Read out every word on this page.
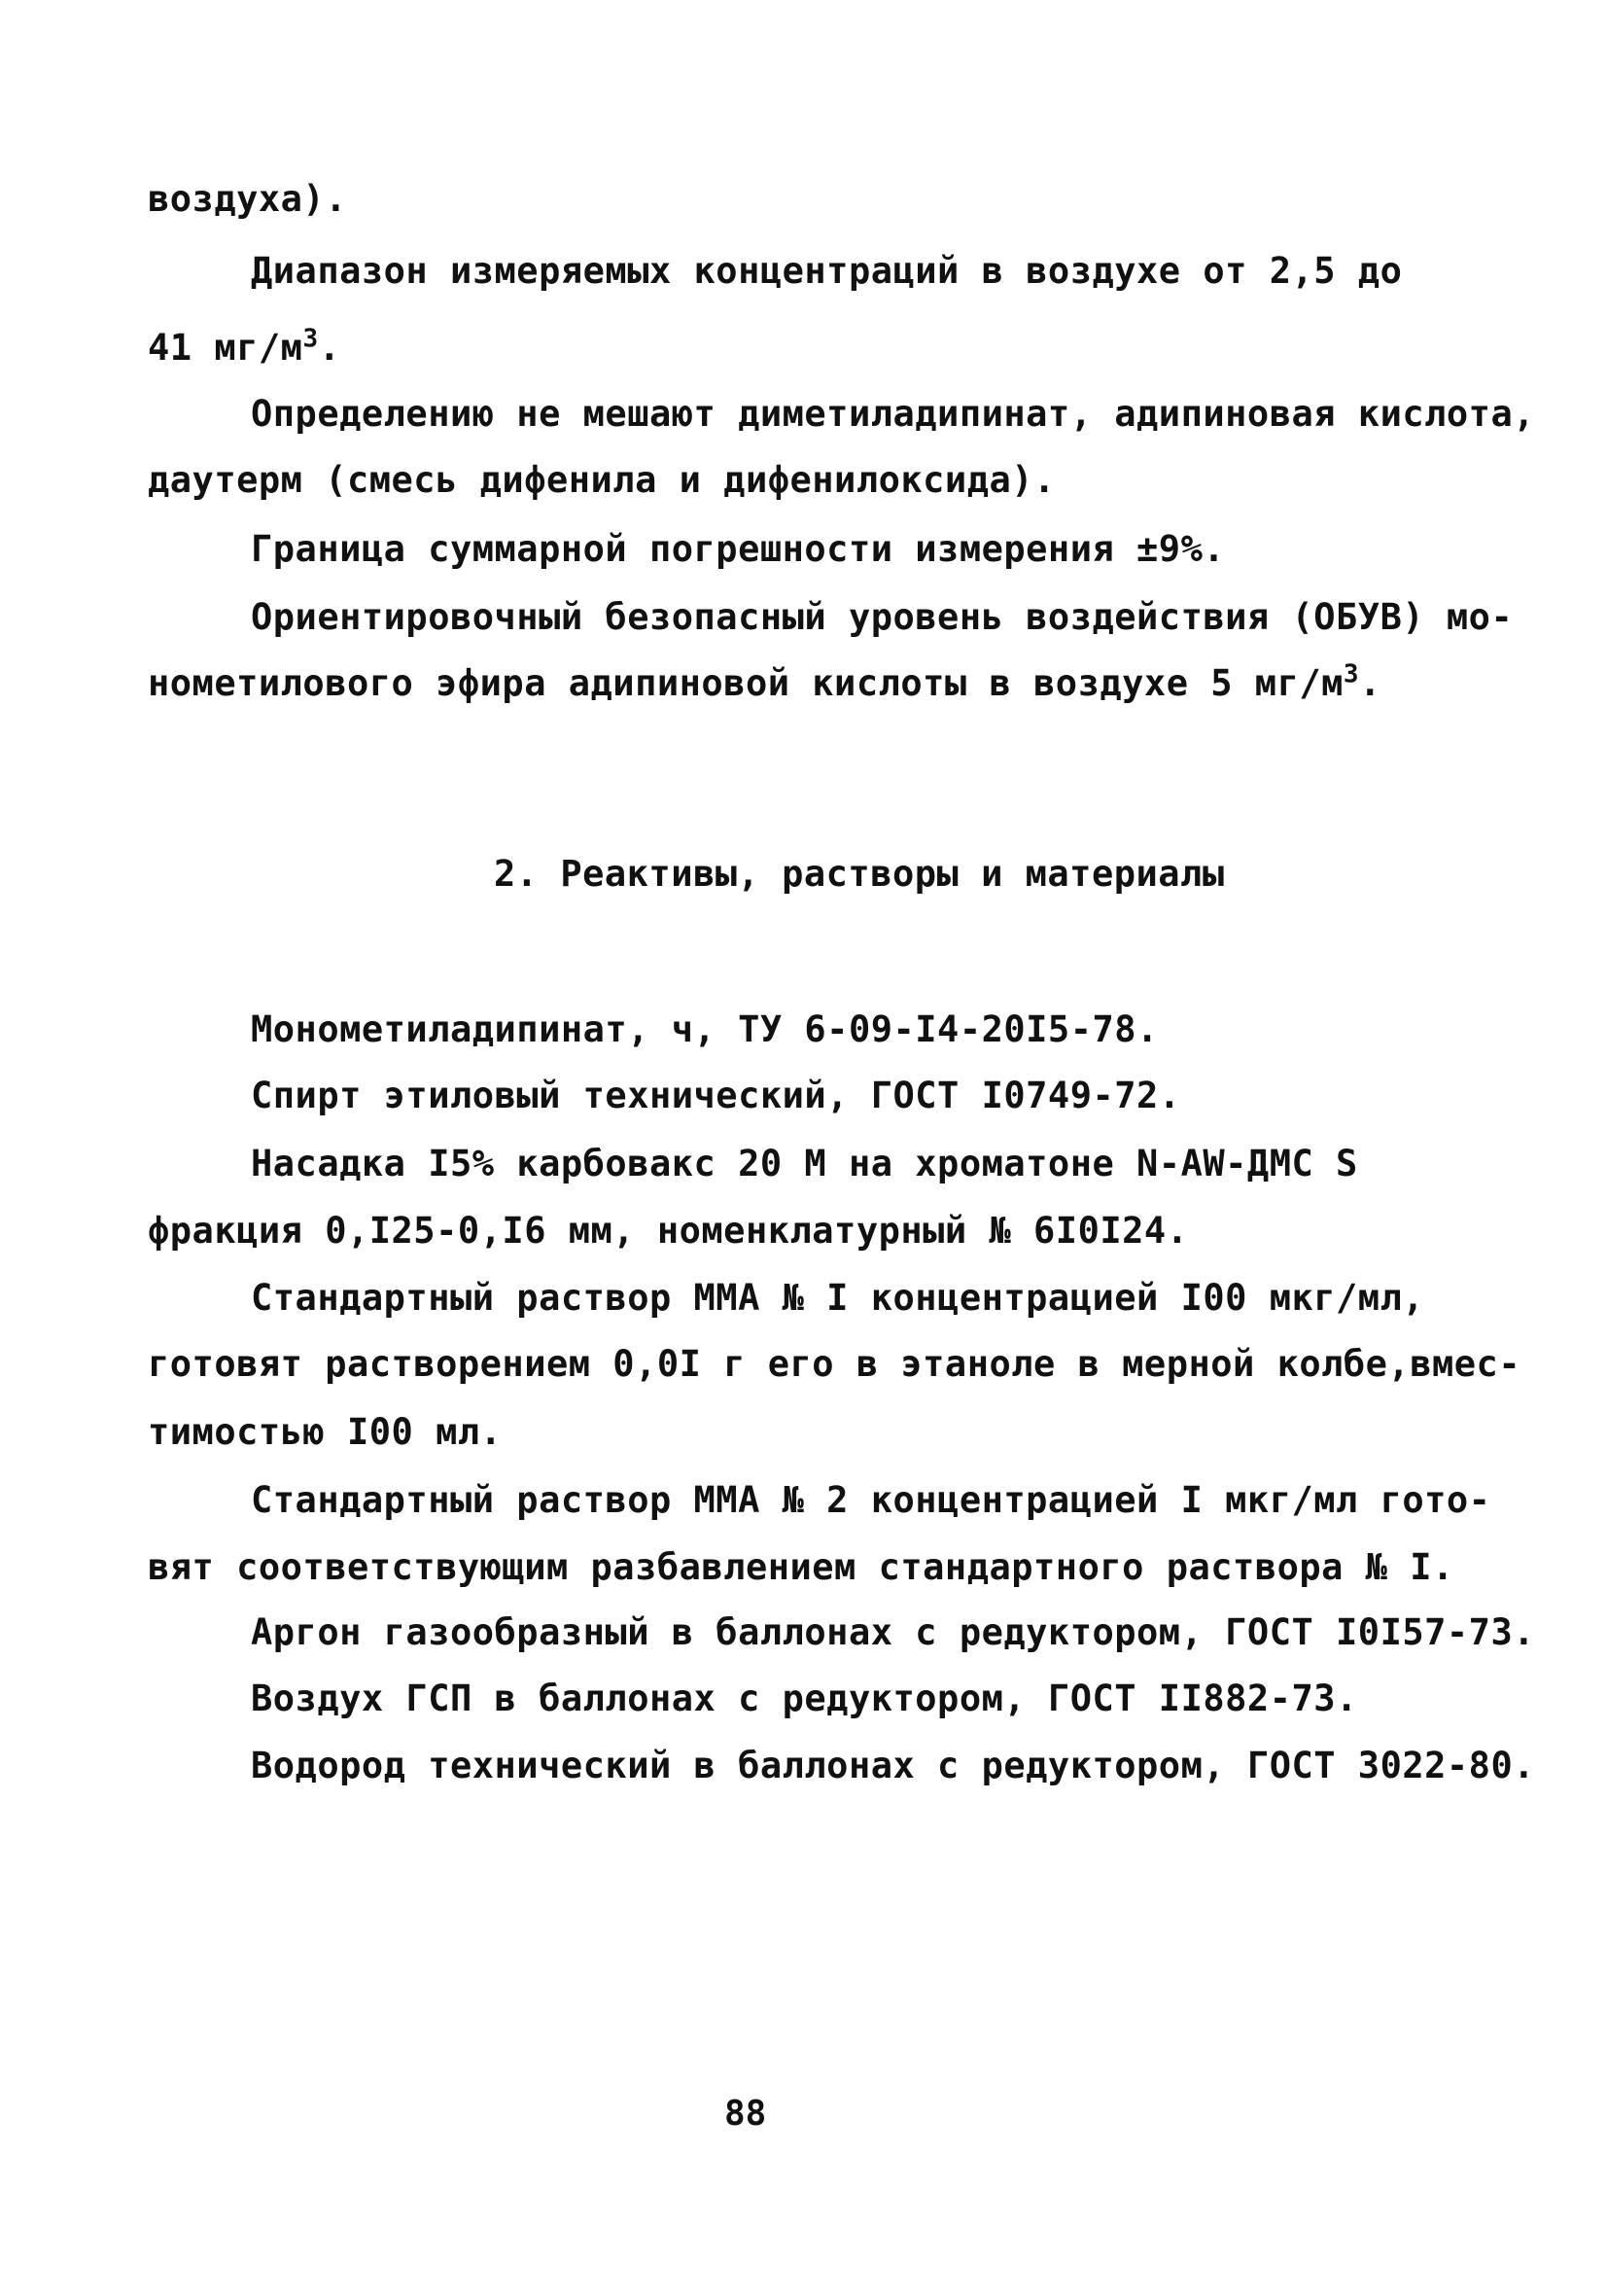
воздуха).
Диапазон измеряемых концентраций в воздухе от 2,5 до
41 $мг/м^3$.
Определению не мешают диметиладипинат, адипиновая кислота,
даутерм (смесь дифенила и дифенилоксида).
Граница суммарной погрешности измерения ±9%.
Ориентировочный безопасный уровень воздействия (ОБУВ) мо-
нометилового эфира адипиновой кислоты в воздухе 5 $мг/м^3$.
2. Реактивы, растворы и материалы
Монометиладипинат, ч, ТУ 6-09-I4-20I5-78.
Спирт этиловый технический, ГОСТ I0749-72.
Насадка I5% карбовакс 20 М на хроматоне N-AW-ДМС S
фракция 0,I25-0,I6 мм, номенклатурный № 6I0I24.
Стандартный раствор ММА № I концентрацией I00 мкг/мл,
готовят растворением 0,0I г его в этаноле в мерной колбе,вмес-
тимостью I00 мл.
Стандартный раствор ММА № 2 концентрацией I мкг/мл гото-
вят соответствующим разбавлением стандартного раствора № I.
Аргон газообразный в баллонах с редуктором, ГОСТ I0I57-73.
Воздух ГСП в баллонах с редуктором, ГОСТ II882-73.
Водород технический в баллонах с редуктором, ГОСТ 3022-80.
88
